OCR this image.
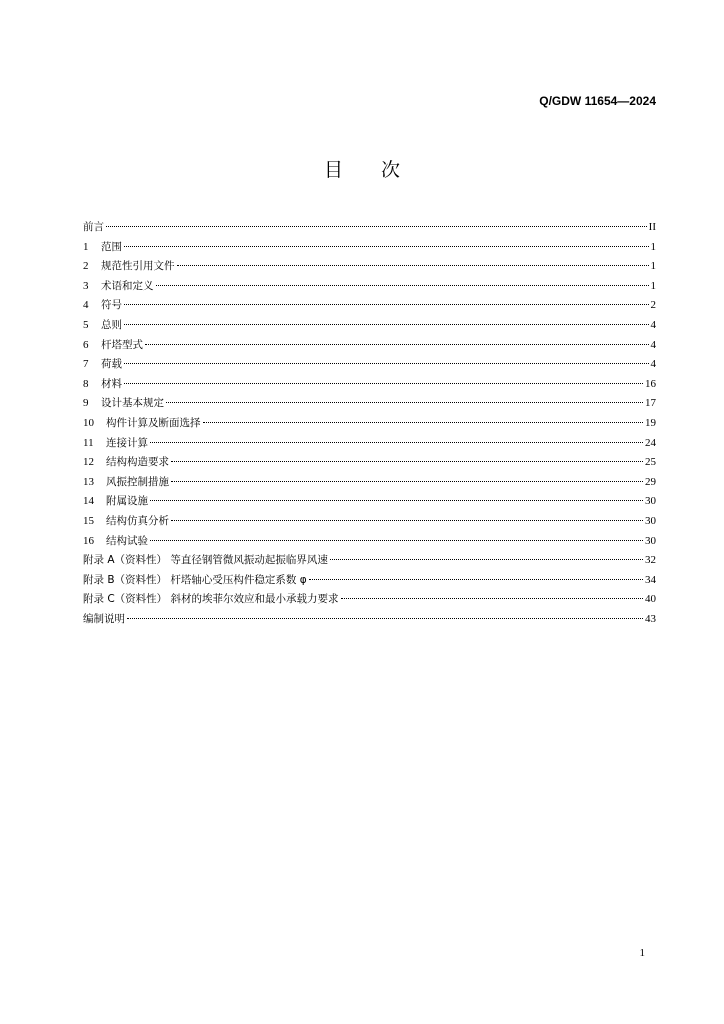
Q/GDW 11654—2024
目 次
前言	II
1	范围	1
2	规范性引用文件	1
3	术语和定义	1
4	符号	2
5	总则	4
6	杆塔型式	4
7	荷载	4
8	材料	16
9	设计基本规定	17
10	构件计算及断面选择	19
11	连接计算	24
12	结构构造要求	25
13	风振控制措施	29
14	附属设施	30
15	结构仿真分析	30
16	结构试验	30
附录 A（资料性） 等直径钢管微风振动起振临界风速	32
附录 B（资料性） 杆塔轴心受压构件稳定系数 φ	34
附录 C（资料性） 斜材的埃菲尔效应和最小承载力要求	40
编制说明	43
1
